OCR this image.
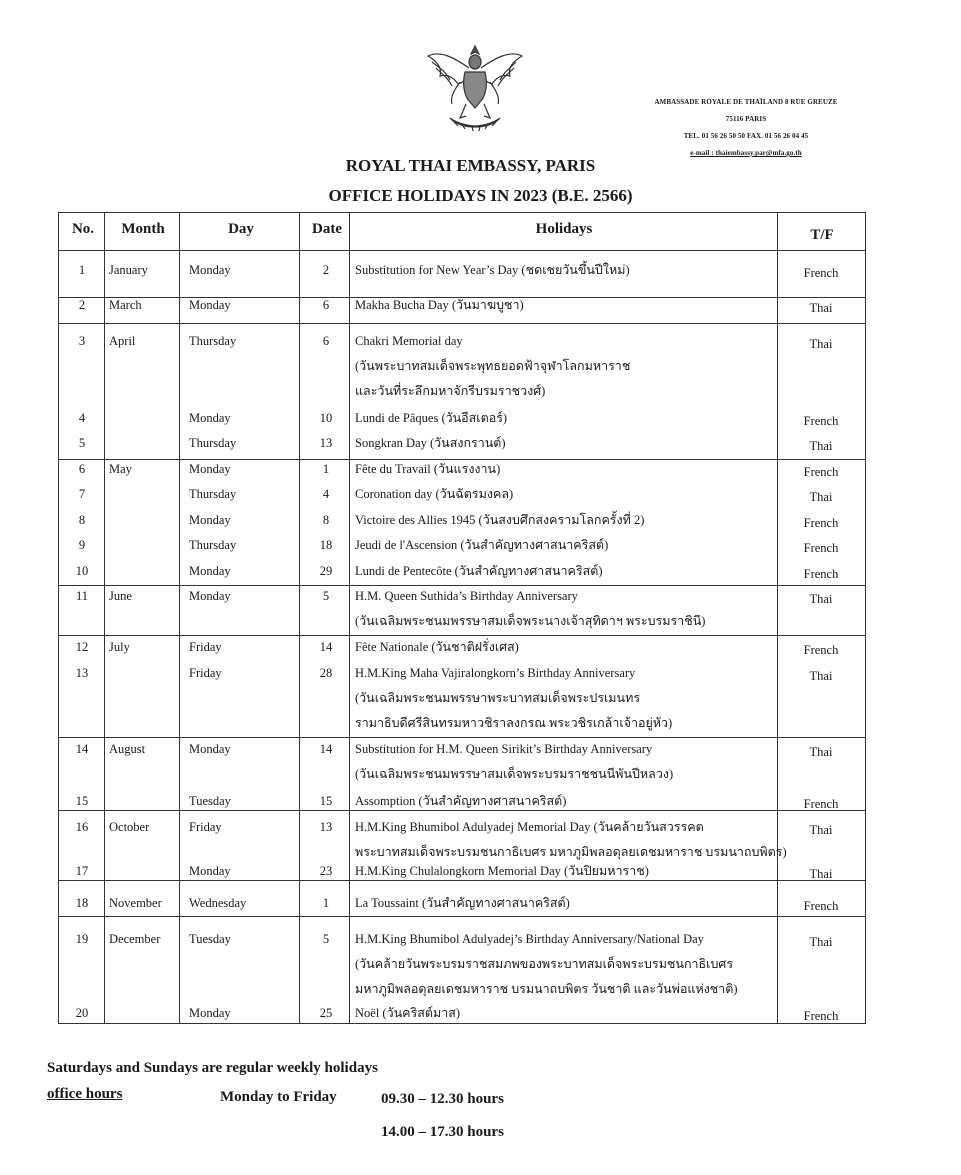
AMBASSADE ROYALE DE THAÏLAND 8 RUE GREUZE
75116 PARIS
TEL. 01 56 26 50 50 FAX. 01 56 26 04 45
e-mail : thaiembassy.par@mfa.go.th
ROYAL THAI EMBASSY, PARIS
OFFICE HOLIDAYS IN 2023 (B.E. 2566)
No. Month	Day	Date	Holidays	T/F
1 January	Monday	2 Substitution for New Year’s Day (ชดเชยวันขึ้นปีใหม่)	French
2 March	Monday	6 Makha Bucha Day (วันมาฆบูชา)	Thai
3 April	Thursday	6 Chakri Memorial day
(วันพระบาทสมเด็จพระพุทธยอดฟ้าจุฬาโลกมหาราช
และวันที่ระลึกมหาจักรีบรมราชวงศ์)
Thai
4	Monday	10 Lundi de Pâques (วันอีสเตอร์)	French
5	Thursday	13 Songkran Day (วันสงกรานต์)	Thai
6 May	Monday	1 Fête du Travail (วันแรงงาน)	French
7	Thursday	4 Coronation day (วันฉัตรมงคล)	Thai
8	Monday	8 Victoire des Allies 1945 (วันสงบศึกสงครามโลกครั้งที่ 2)	French
9	Thursday	18 Jeudi de l'Ascension (วันสำคัญทางศาสนาคริสต์)	French
10	Monday	29 Lundi de Pentecôte (วันสำคัญทางศาสนาคริสต์)	French
11 June	Monday	5 H.M. Queen Suthida’s Birthday Anniversary
(วันเฉลิมพระชนมพรรษาสมเด็จพระนางเจ้าสุทิดาฯ พระบรมราชินี)
Thai
12 July	Friday	14 Fête Nationale (วันชาติฝรั่งเศส)	French
13	Friday	28 H.M.King Maha Vajiralongkorn’s Birthday Anniversary
(วันเฉลิมพระชนมพรรษาพระบาทสมเด็จพระปรเมนทร
รามาธิบดีศรีสินทรมหาวชิราลงกรณ พระวชิรเกล้าเจ้าอยู่หัว)
Thai
14 August	Monday	14 Substitution for H.M. Queen Sirikit’s Birthday Anniversary
(วันเฉลิมพระชนมพรรษาสมเด็จพระบรมราชชนนีพันปีหลวง)
Thai
15	Tuesday	15 Assomption (วันสำคัญทางศาสนาคริสต์)	French
16 October	Friday	13 H.M.King Bhumibol Adulyadej Memorial Day (วันคล้ายวันสวรรคต
พระบาทสมเด็จพระบรมชนกาธิเบศร มหาภูมิพลอดุลยเดชมหาราช บรมนาถบพิตร)
Thai
17	Monday	23 H.M.King Chulalongkorn Memorial Day (วันปิยมหาราช)	Thai
18 November Wednesday	1 La Toussaint (วันสำคัญทางศาสนาคริสต์)	French
19 December Tuesday	5 H.M.King Bhumibol Adulyadej’s Birthday Anniversary/National Day
(วันคล้ายวันพระบรมราชสมภพของพระบาทสมเด็จพระบรมชนกาธิเบศร
มหาภูมิพลอดุลยเดชมหาราช บรมนาถบพิตร วันชาติ และวันพ่อแห่งชาติ)
Thai
20	Monday	25 Noël (วันคริสต์มาส)	French
Saturdays and Sundays are regular weekly holidays
office hours	Monday to Friday	09.30 – 12.30 hours
14.00 – 17.30 hours
